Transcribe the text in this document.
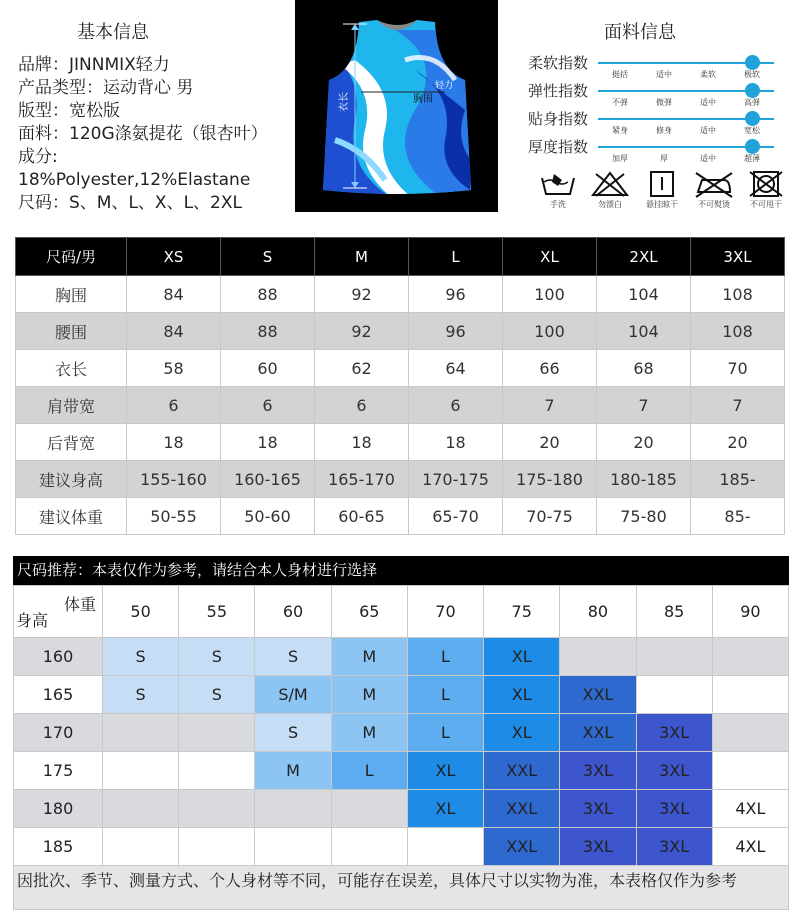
基本信息
品牌：JINNMIX轻力
产品类型：运动背心 男
版型：宽松版
面料：120G涤氨提花（银杏叶）
成分:
18%Polyester,12%Elastane
尺码：S、M、L、X、L、2XL
轻力
衣长	胸围
面料信息
柔软指数
挺括	适中	柔软	极软
弹性指数
不弹	微弹	适中	高弹
贴身指数
紧身	修身	适中	宽松
厚度指数
加厚	厚	适中	超薄
手洗	勿漂白	悬挂晾干	不可熨烫	不可甩干
尺码/男	XS	S	M	L	XL	2XL	3XL
胸围	84	88	92	96	100	104	108
腰围	84	88	92	96	100	104	108
衣长	58	60	62	64	66	68	70
肩带宽	6	6	6	6	7	7	7
后背宽	18	18	18	18	20	20	20
建议身高	155-160	160-165	165-170	170-175	175-180	180-185	185-
建议体重	50-55	50-60	60-65	65-70	70-75	75-80	85-
尺码推荐：本表仅作为参考，请结合本人身材进行选择
体重
身高	50	55	60	65	70	75	80	85	90
160	S	S	S	M	L	XL			
165	S	S	S/M	M	L	XL	XXL		
170			S	M	L	XL	XXL	3XL	
175			M	L	XL	XXL	3XL	3XL	
180					XL	XXL	3XL	3XL	4XL
185						XXL	3XL	3XL	4XL
因批次、季节、测量方式、个人身材等不同，可能存在误差，具体尺寸以实物为准，本表格仅作为参考
